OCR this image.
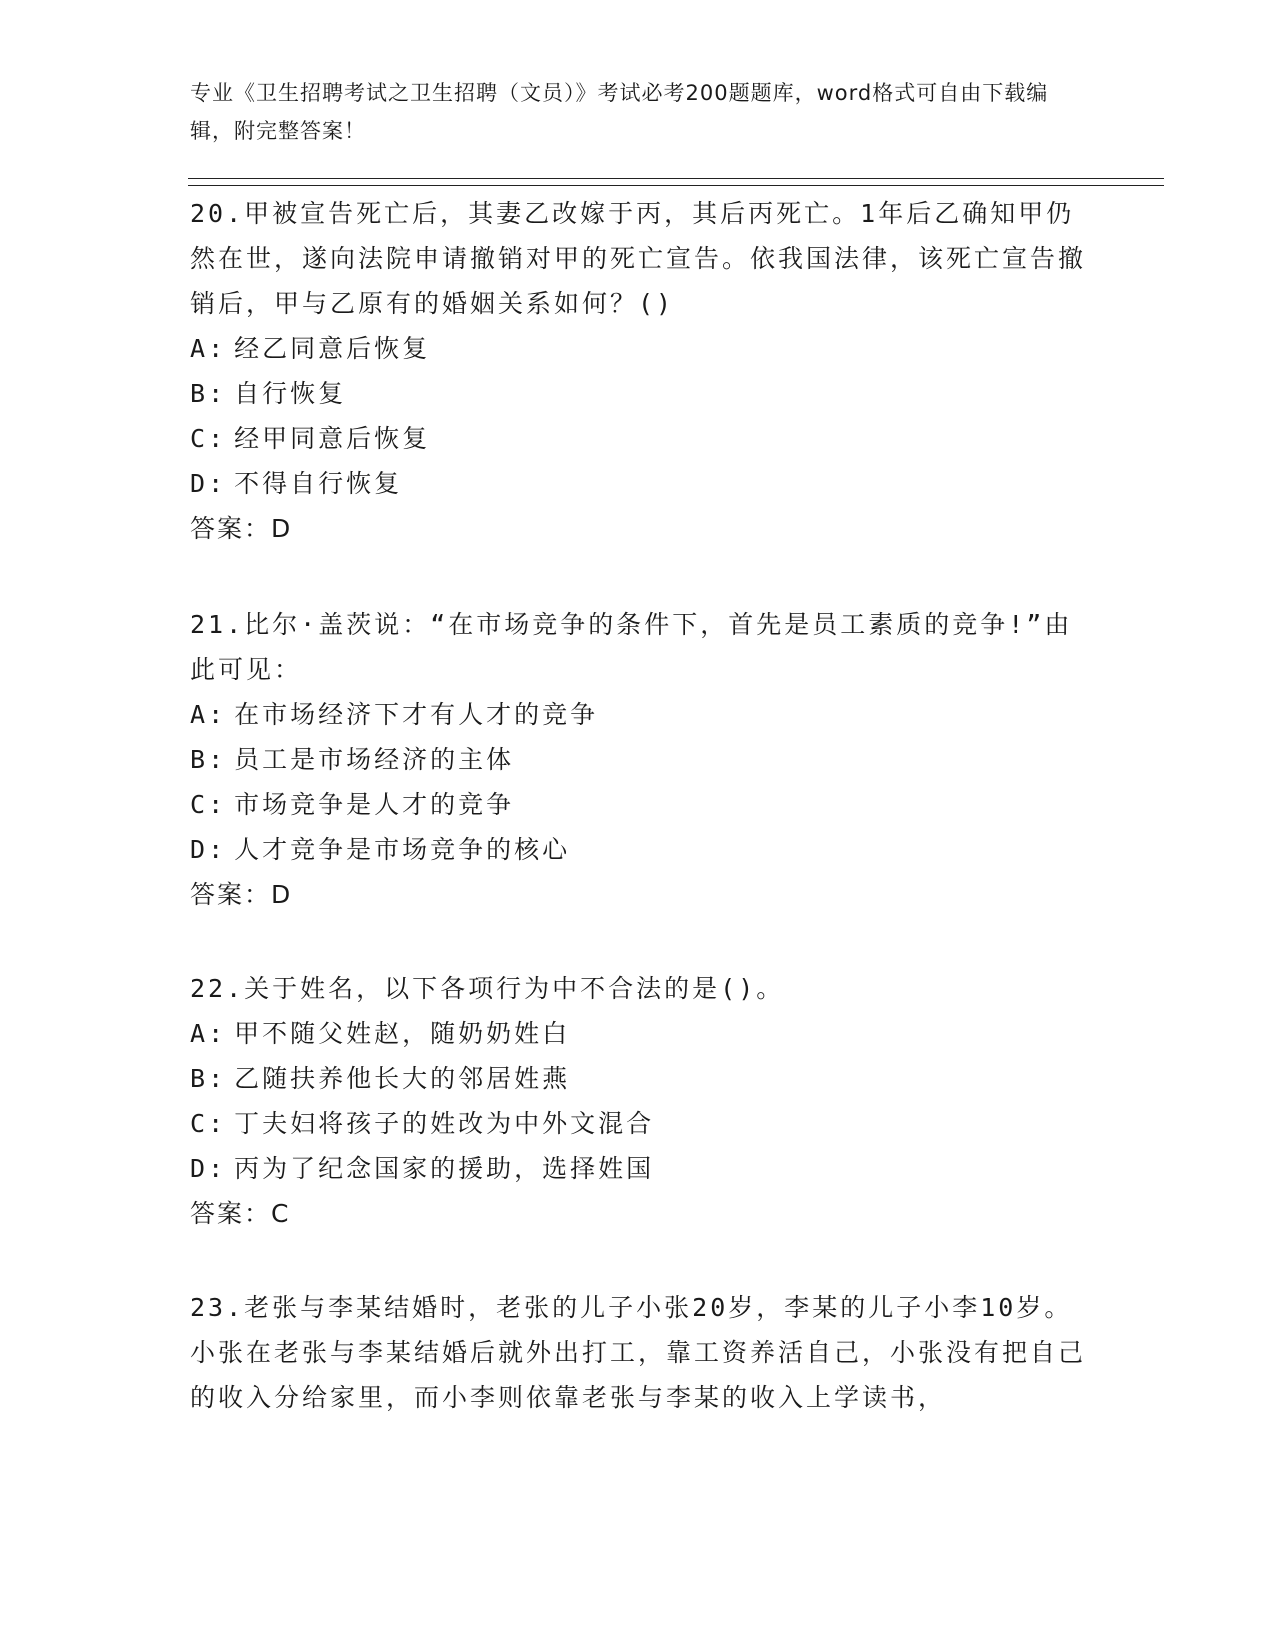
专业《卫生招聘考试之卫生招聘（文员）》考试必考200题题库，word格式可自由下载编辑，附完整答案！

20.甲被宣告死亡后，其妻乙改嫁于丙，其后丙死亡。1年后乙确知甲仍然在世，遂向法院申请撤销对甲的死亡宣告。依我国法律，该死亡宣告撤销后，甲与乙原有的婚姻关系如何？()

A: 经乙同意后恢复
B: 自行恢复
C: 经甲同意后恢复
D: 不得自行恢复

答案：D

21.比尔·盖茨说：“在市场竞争的条件下，首先是员工素质的竞争!”由此可见：

A: 在市场经济下才有人才的竞争
B: 员工是市场经济的主体
C: 市场竞争是人才的竞争
D: 人才竞争是市场竞争的核心

答案：D

22.关于姓名，以下各项行为中不合法的是()。

A: 甲不随父姓赵，随奶奶姓白
B: 乙随扶养他长大的邻居姓燕
C: 丁夫妇将孩子的姓改为中外文混合
D: 丙为了纪念国家的援助，选择姓国

答案：C

23.老张与李某结婚时，老张的儿子小张20岁，李某的儿子小李10岁。小张在老张与李某结婚后就外出打工，靠工资养活自己，小张没有把自己的收入分给家里，而小李则依靠老张与李某的收入上学读书，
